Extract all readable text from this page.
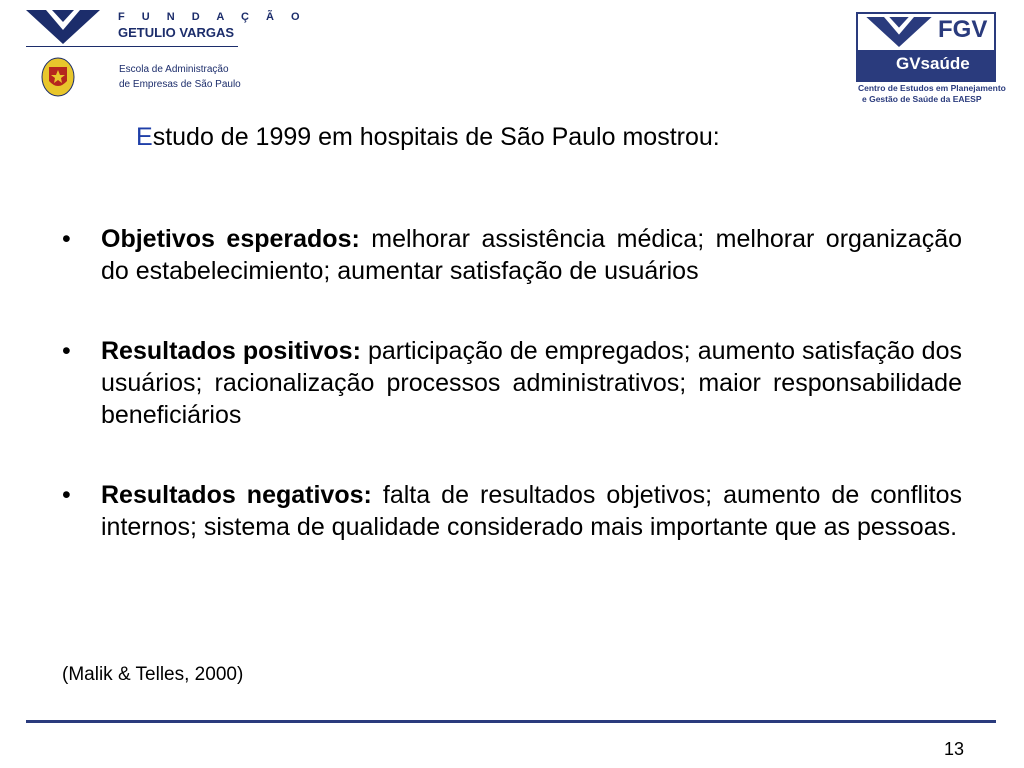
F U N D A Ç Ã O
GETULIO VARGAS
Escola de Administração
de Empresas de São Paulo
FGV
GVsaúde
Centro de Estudos em Planejamento
e Gestão de Saúde da EAESP
Estudo de 1999 em hospitais de São Paulo mostrou:
• Objetivos esperados: melhorar assistência médica; melhorar organização do estabelecimiento; aumentar satisfação de usuários
• Resultados positivos: participação de empregados; aumento satisfação dos usuários; racionalização processos administrativos; maior responsabilidade beneficiários
• Resultados negativos: falta de resultados objetivos; aumento de conflitos internos; sistema de qualidade considerado mais importante que as pessoas.
(Malik & Telles, 2000)
13
